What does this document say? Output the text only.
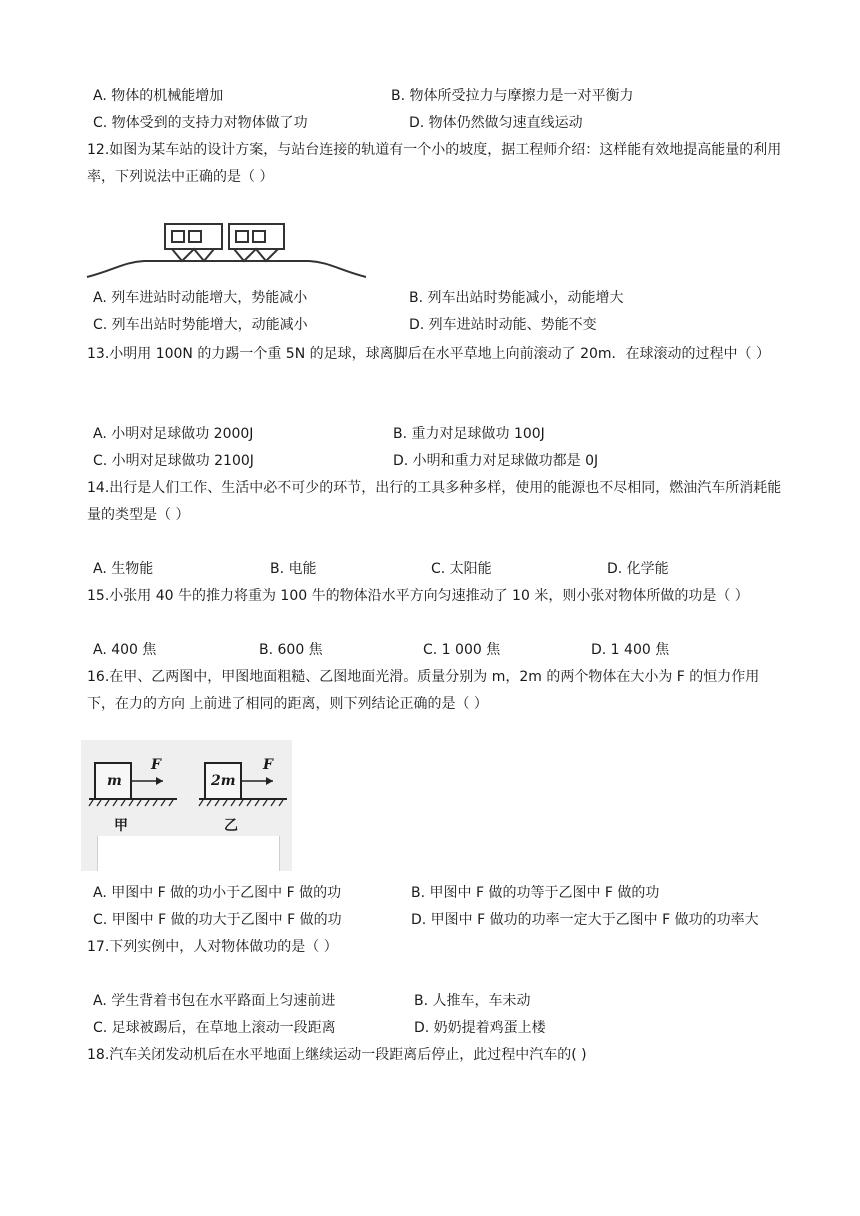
A. 物体的机械能增加	B. 物体所受拉力与摩擦力是一对平衡力
C. 物体受到的支持力对物体做了功	D. 物体仍然做匀速直线运动
12.如图为某车站的设计方案，与站台连接的轨道有一个小的坡度，据工程师介绍：这样能有效地提高能量的利用率，下列说法中正确的是（ ）
A. 列车进站时动能增大，势能减小	B. 列车出站时势能减小，动能增大
C. 列车出站时势能增大，动能减小	D. 列车进站时动能、势能不变
13.小明用 100N 的力踢一个重 5N 的足球，球离脚后在水平草地上向前滚动了 20m．在球滚动的过程中（ ）
A. 小明对足球做功 2000J	B. 重力对足球做功 100J
C. 小明对足球做功 2100J	D. 小明和重力对足球做功都是 0J
14.出行是人们工作、生活中必不可少的环节，出行的工具多种多样，使用的能源也不尽相同，燃油汽车所消耗能量的类型是（ ）
A. 生物能	B. 电能	C. 太阳能	D. 化学能
15.小张用 40 牛的推力将重为 100 牛的物体沿水平方向匀速推动了 10 米，则小张对物体所做的功是（ ）
A. 400 焦	B. 600 焦	C. 1 000 焦	D. 1 400 焦
16.在甲、乙两图中，甲图地面粗糙、乙图地面光滑。质量分别为 m，2m 的两个物体在大小为 F 的恒力作用下，在力的方向 上前进了相同的距离，则下列结论正确的是（ ）
m	2m
F	F
甲	乙
A. 甲图中 F 做的功小于乙图中 F 做的功	B. 甲图中 F 做的功等于乙图中 F 做的功
C. 甲图中 F 做的功大于乙图中 F 做的功	D. 甲图中 F 做功的功率一定大于乙图中 F 做功的功率大
17.下列实例中，人对物体做功的是（ ）
A. 学生背着书包在水平路面上匀速前进	B. 人推车，车未动
C. 足球被踢后，在草地上滚动一段距离	D. 奶奶提着鸡蛋上楼
18.汽车关闭发动机后在水平地面上继续运动一段距离后停止，此过程中汽车的( )
